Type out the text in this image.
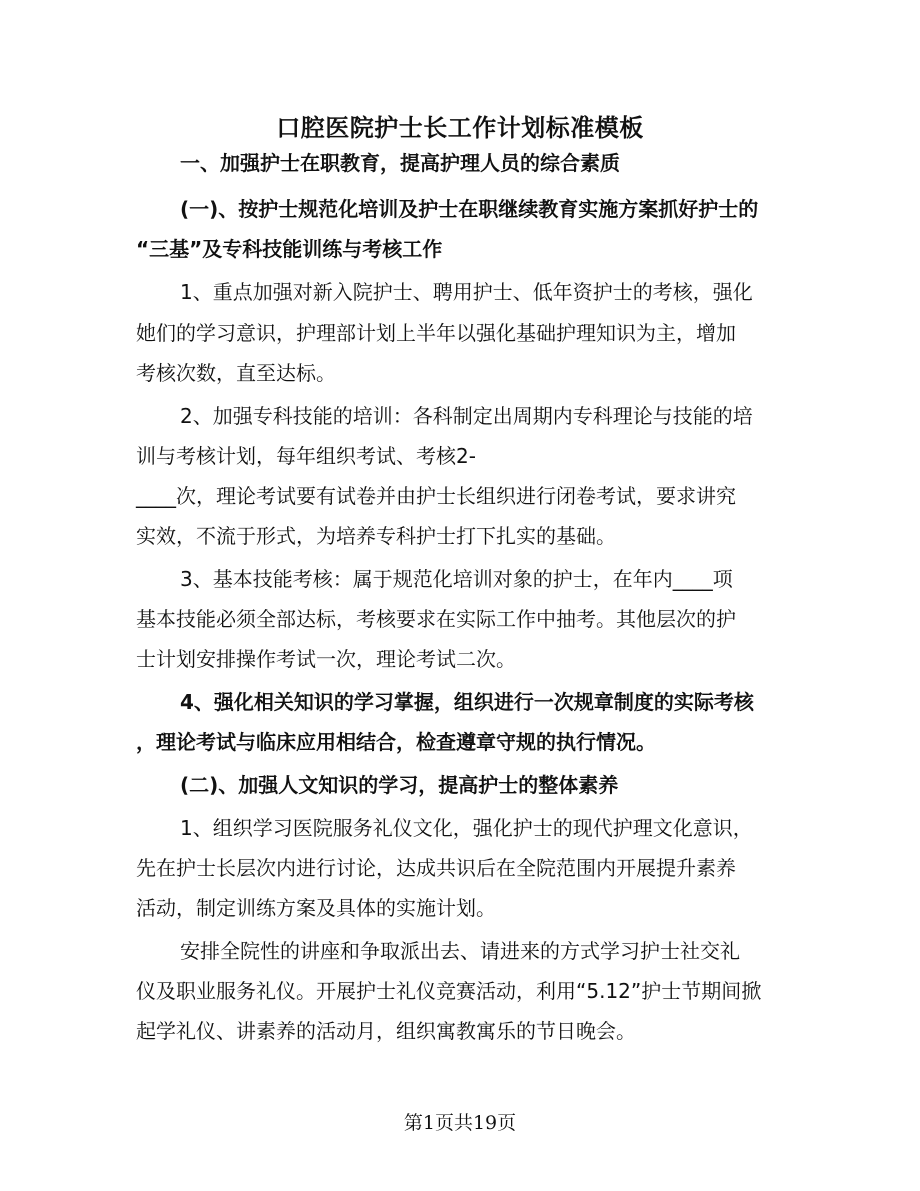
口腔医院护士长工作计划标准模板
一、加强护士在职教育，提高护理人员的综合素质
(一)、按护士规范化培训及护士在职继续教育实施方案抓好护士的
“三基”及专科技能训练与考核工作
1、重点加强对新入院护士、聘用护士、低年资护士的考核，强化
她们的学习意识，护理部计划上半年以强化基础护理知识为主，增加
考核次数，直至达标。
2、加强专科技能的培训：各科制定出周期内专科理论与技能的培
训与考核计划，每年组织考试、考核2-
____次，理论考试要有试卷并由护士长组织进行闭卷考试，要求讲究
实效，不流于形式，为培养专科护士打下扎实的基础。
3、基本技能考核：属于规范化培训对象的护士，在年内____项
基本技能必须全部达标，考核要求在实际工作中抽考。其他层次的护
士计划安排操作考试一次，理论考试二次。
4、强化相关知识的学习掌握，组织进行一次规章制度的实际考核
，理论考试与临床应用相结合，检查遵章守规的执行情况。
(二)、加强人文知识的学习，提高护士的整体素养
1、组织学习医院服务礼仪文化，强化护士的现代护理文化意识，
先在护士长层次内进行讨论，达成共识后在全院范围内开展提升素养
活动，制定训练方案及具体的实施计划。
安排全院性的讲座和争取派出去、请进来的方式学习护士社交礼
仪及职业服务礼仪。开展护士礼仪竞赛活动，利用“5.12”护士节期间掀
起学礼仪、讲素养的活动月，组织寓教寓乐的节日晚会。
第1页共19页
